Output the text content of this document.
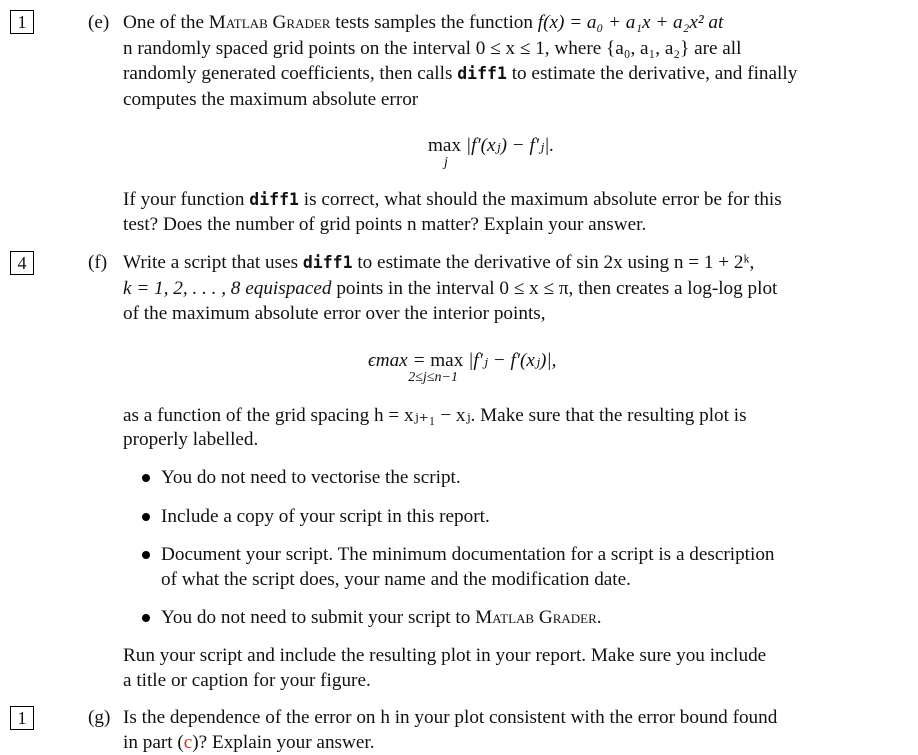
1
4
1
(e) One of the Matlab Grader tests samples the function f(x) = a₀ + a₁x + a₂x² at
n randomly spaced grid points on the interval 0 ≤ x ≤ 1, where {a₀, a₁, a₂} are all
randomly generated coefficients, then calls diff1 to estimate the derivative, and finally
computes the maximum absolute error
max
j
|f′(xⱼ) − f′ⱼ|.
If your function diff1 is correct, what should the maximum absolute error be for this
test? Does the number of grid points n matter? Explain your answer.
(f) Write a script that uses diff1 to estimate the derivative of sin 2x using n = 1 + 2ᵏ,
k = 1, 2, . . . , 8 equispaced points in the interval 0 ≤ x ≤ π, then creates a log-log plot
of the maximum absolute error over the interior points,
ϵmax = max
2≤j≤n−1
|f′ⱼ − f′(xⱼ)|,
as a function of the grid spacing h = xⱼ₊₁ − xⱼ. Make sure that the resulting plot is
properly labelled.
You do not need to vectorise the script.
Include a copy of your script in this report.
Document your script. The minimum documentation for a script is a description
of what the script does, your name and the modification date.
You do not need to submit your script to Matlab Grader.
Run your script and include the resulting plot in your report. Make sure you include
a title or caption for your figure.
(g) Is the dependence of the error on h in your plot consistent with the error bound found
in part (c)? Explain your answer.
